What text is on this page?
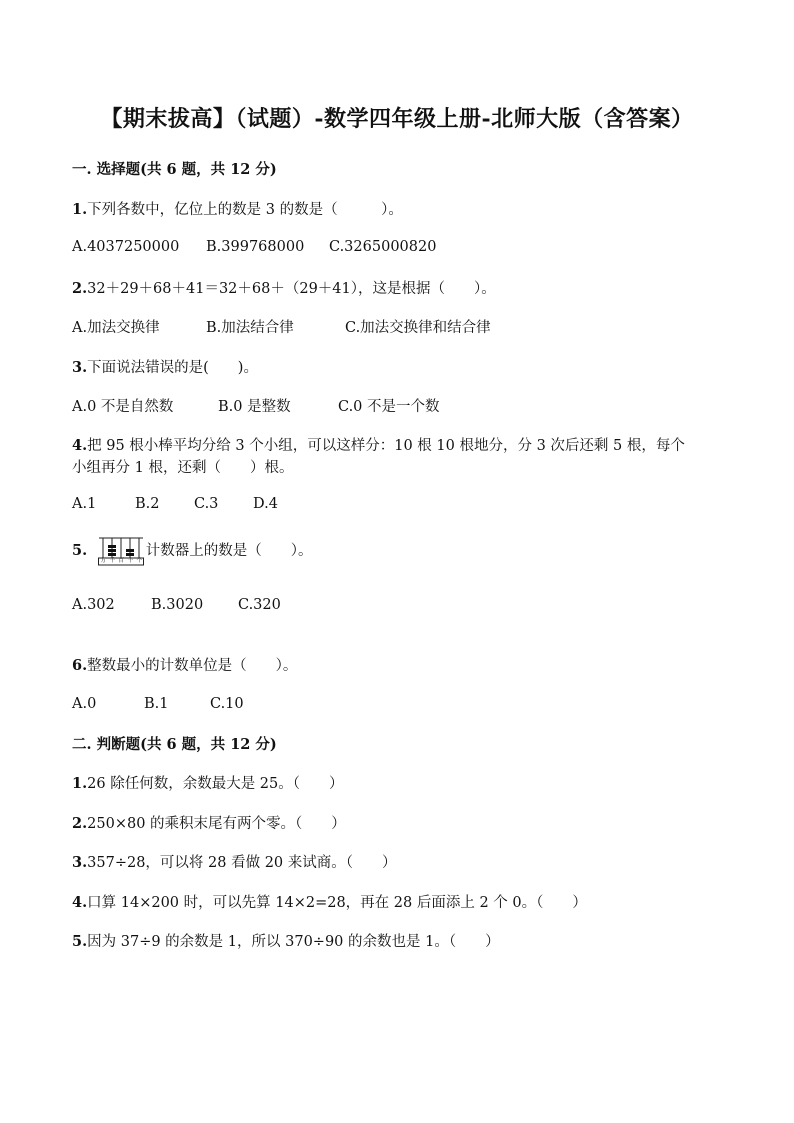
【期末拔高】（试题）-数学四年级上册-北师大版（含答案）
一. 选择题(共 6 题，共 12 分)
1.下列各数中，亿位上的数是 3 的数是（　　　）。
A.4037250000 B.399768000 C.3265000820
2.32＋29＋68＋41＝32＋68＋（29＋41），这是根据（　　）。
A.加法交换律	B.加法结合律	C.加法交换律和结合律
3.下面说法错误的是(　　)。
A.0 不是自然数	B.0 是整数	C.0 不是一个数
4.把 95 根小棒平均分给 3 个小组，可以这样分：10 根 10 根地分，分 3 次后还剩 5 根，每个
小组再分 1 根，还剩（　　）根。
A.1	B.2 C.3 D.4
5.
万 千 百 十 个
计数器上的数是（　　）。
A.302 B.3020 C.320
6.整数最小的计数单位是（　　）。
A.0	B.1	C.10
二. 判断题(共 6 题，共 12 分)
1.26 除任何数，余数最大是 25。（　　）
2.250×80 的乘积末尾有两个零。（　　）
3.357÷28，可以将 28 看做 20 来试商。（　　）
4.口算 14×200 时，可以先算 14×2=28，再在 28 后面添上 2 个 0。（　　）
5.因为 37÷9 的余数是 1，所以 370÷90 的余数也是 1。（　　）
